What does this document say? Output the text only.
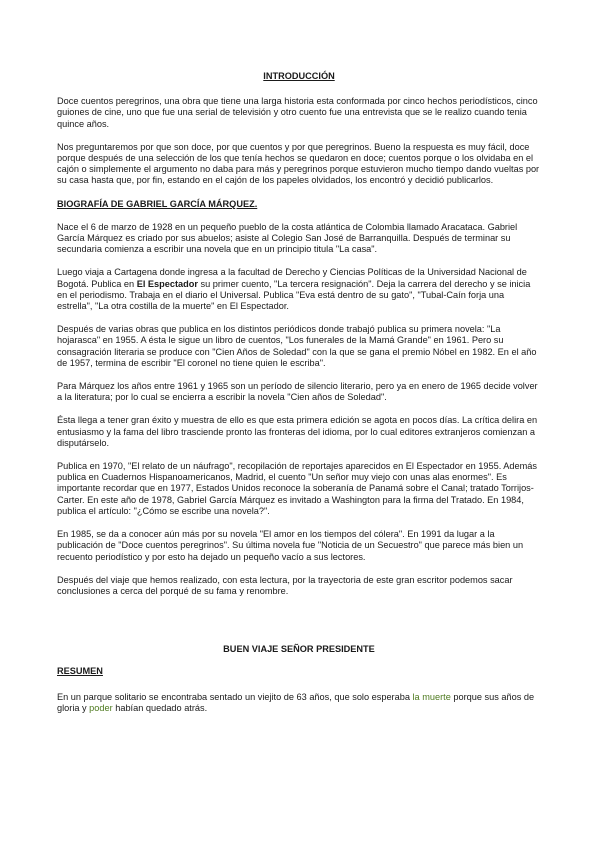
INTRODUCCIÓN

Doce cuentos peregrinos, una obra que tiene una larga historia esta conformada por cinco hechos periodísticos, cinco guiones de cine, uno que fue una serial de televisión y otro cuento fue una entrevista que se le realizo cuando tenia quince años.

Nos preguntaremos por que son doce, por que cuentos y por que peregrinos. Bueno la respuesta es muy fácil, doce porque después de una selección de los que tenía hechos se quedaron en doce; cuentos porque o los olvidaba en el cajón o simplemente el argumento no daba para más y peregrinos porque estuvieron mucho tiempo dando vueltas por su casa hasta que, por fin, estando en el cajón de los papeles olvidados, los encontró y decidió publicarlos.

BIOGRAFÍA DE GABRIEL GARCÍA MÁRQUEZ.

Nace el 6 de marzo de 1928 en un pequeño pueblo de la costa atlántica de Colombia llamado Aracataca. Gabriel García Márquez es criado por sus abuelos; asiste al Colegio San José de Barranquilla. Después de terminar su secundaria comienza a escribir una novela que en un principio titula "La casa".

Luego viaja a Cartagena donde ingresa a la facultad de Derecho y Ciencias Políticas de la Universidad Nacional de Bogotá. Publica en El Espectador su primer cuento, "La tercera resignación". Deja la carrera del derecho y se inicia en el periodismo. Trabaja en el diario el Universal. Publica "Eva está dentro de su gato", "Tubal-Caín forja una estrella", "La otra costilla de la muerte" en El Espectador.

Después de varias obras que publica en los distintos periódicos donde trabajó publica su primera novela: "La hojarasca" en 1955. A ésta le sigue un libro de cuentos, "Los funerales de la Mamá Grande" en 1961. Pero su consagración literaria se produce con "Cien Años de Soledad" con la que se gana el premio Nóbel en 1982. En el año de 1957, termina de escribir "El coronel no tiene quien le escriba".

Para Márquez los años entre 1961 y 1965 son un período de silencio literario, pero ya en enero de 1965 decide volver a la literatura; por lo cual se encierra a escribir la novela "Cien años de Soledad".

Ésta llega a tener gran éxito y muestra de ello es que esta primera edición se agota en pocos días. La crítica delira en entusiasmo y la fama del libro trasciende pronto las fronteras del idioma, por lo cual editores extranjeros comienzan a disputárselo.

Publica en 1970, "El relato de un náufrago", recopilación de reportajes aparecidos en El Espectador en 1955. Además publica en Cuadernos Hispanoamericanos, Madrid, el cuento "Un señor muy viejo con unas alas enormes". Es importante recordar que en 1977, Estados Unidos reconoce la soberanía de Panamá sobre el Canal; tratado Torrijos-Carter. En este año de 1978, Gabriel García Márquez es invitado a Washington para la firma del Tratado. En 1984, publica el artículo: "¿Cómo se escribe una novela?".

En 1985, se da a conocer aún más por su novela "El amor en los tiempos del cólera". En 1991 da lugar a la publicación de "Doce cuentos peregrinos". Su última novela fue "Noticia de un Secuestro" que parece más bien un recuento periodístico y por esto ha dejado un pequeño vacío a sus lectores.

Después del viaje que hemos realizado, con esta lectura, por la trayectoria de este gran escritor podemos sacar conclusiones a cerca del porqué de su fama y renombre.

BUEN VIAJE SEÑOR PRESIDENTE

RESUMEN

En un parque solitario se encontraba sentado un viejito de 63 años, que solo esperaba la muerte porque sus años de gloria y poder habían quedado atrás.
